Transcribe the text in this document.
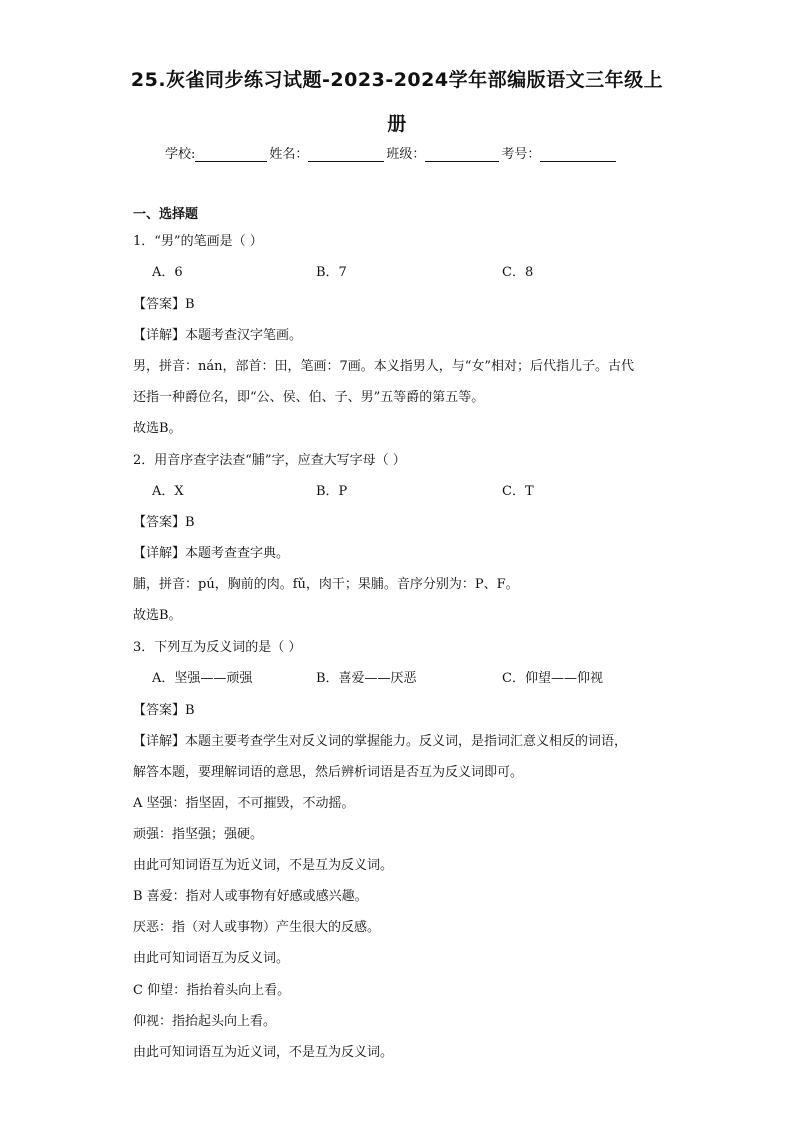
25.灰雀同步练习试题-2023-2024学年部编版语文三年级上
册
学校:	姓名：	班级：	考号：
一、选择题
1．“男”的笔画是（ ）
A．6	B．7	C．8
【答案】B
【详解】本题考查汉字笔画。
男，拼音：nán，部首：田，笔画：7画。本义指男人，与“女”相对；后代指儿子。古代
还指一种爵位名，即“公、侯、伯、子、男”五等爵的第五等。
故选B。
2．用音序查字法查“脯”字，应查大写字母（ ）
A．X	B．P	C．T
【答案】B
【详解】本题考查查字典。
脯，拼音：pú，胸前的肉。fǔ，肉干；果脯。音序分别为：P、F。
故选B。
3．下列互为反义词的是（ ）
A．坚强——顽强	B．喜爱——厌恶	C．仰望——仰视
【答案】B
【详解】本题主要考查学生对反义词的掌握能力。反义词，是指词汇意义相反的词语，
解答本题，要理解词语的意思，然后辨析词语是否互为反义词即可。
A 坚强：指坚固，不可摧毁，不动摇。
顽强：指坚强；强硬。
由此可知词语互为近义词，不是互为反义词。
B 喜爱：指对人或事物有好感或感兴趣。
厌恶：指（对人或事物）产生很大的反感。
由此可知词语互为反义词。
C 仰望：指抬着头向上看。
仰视：指抬起头向上看。
由此可知词语互为近义词，不是互为反义词。
